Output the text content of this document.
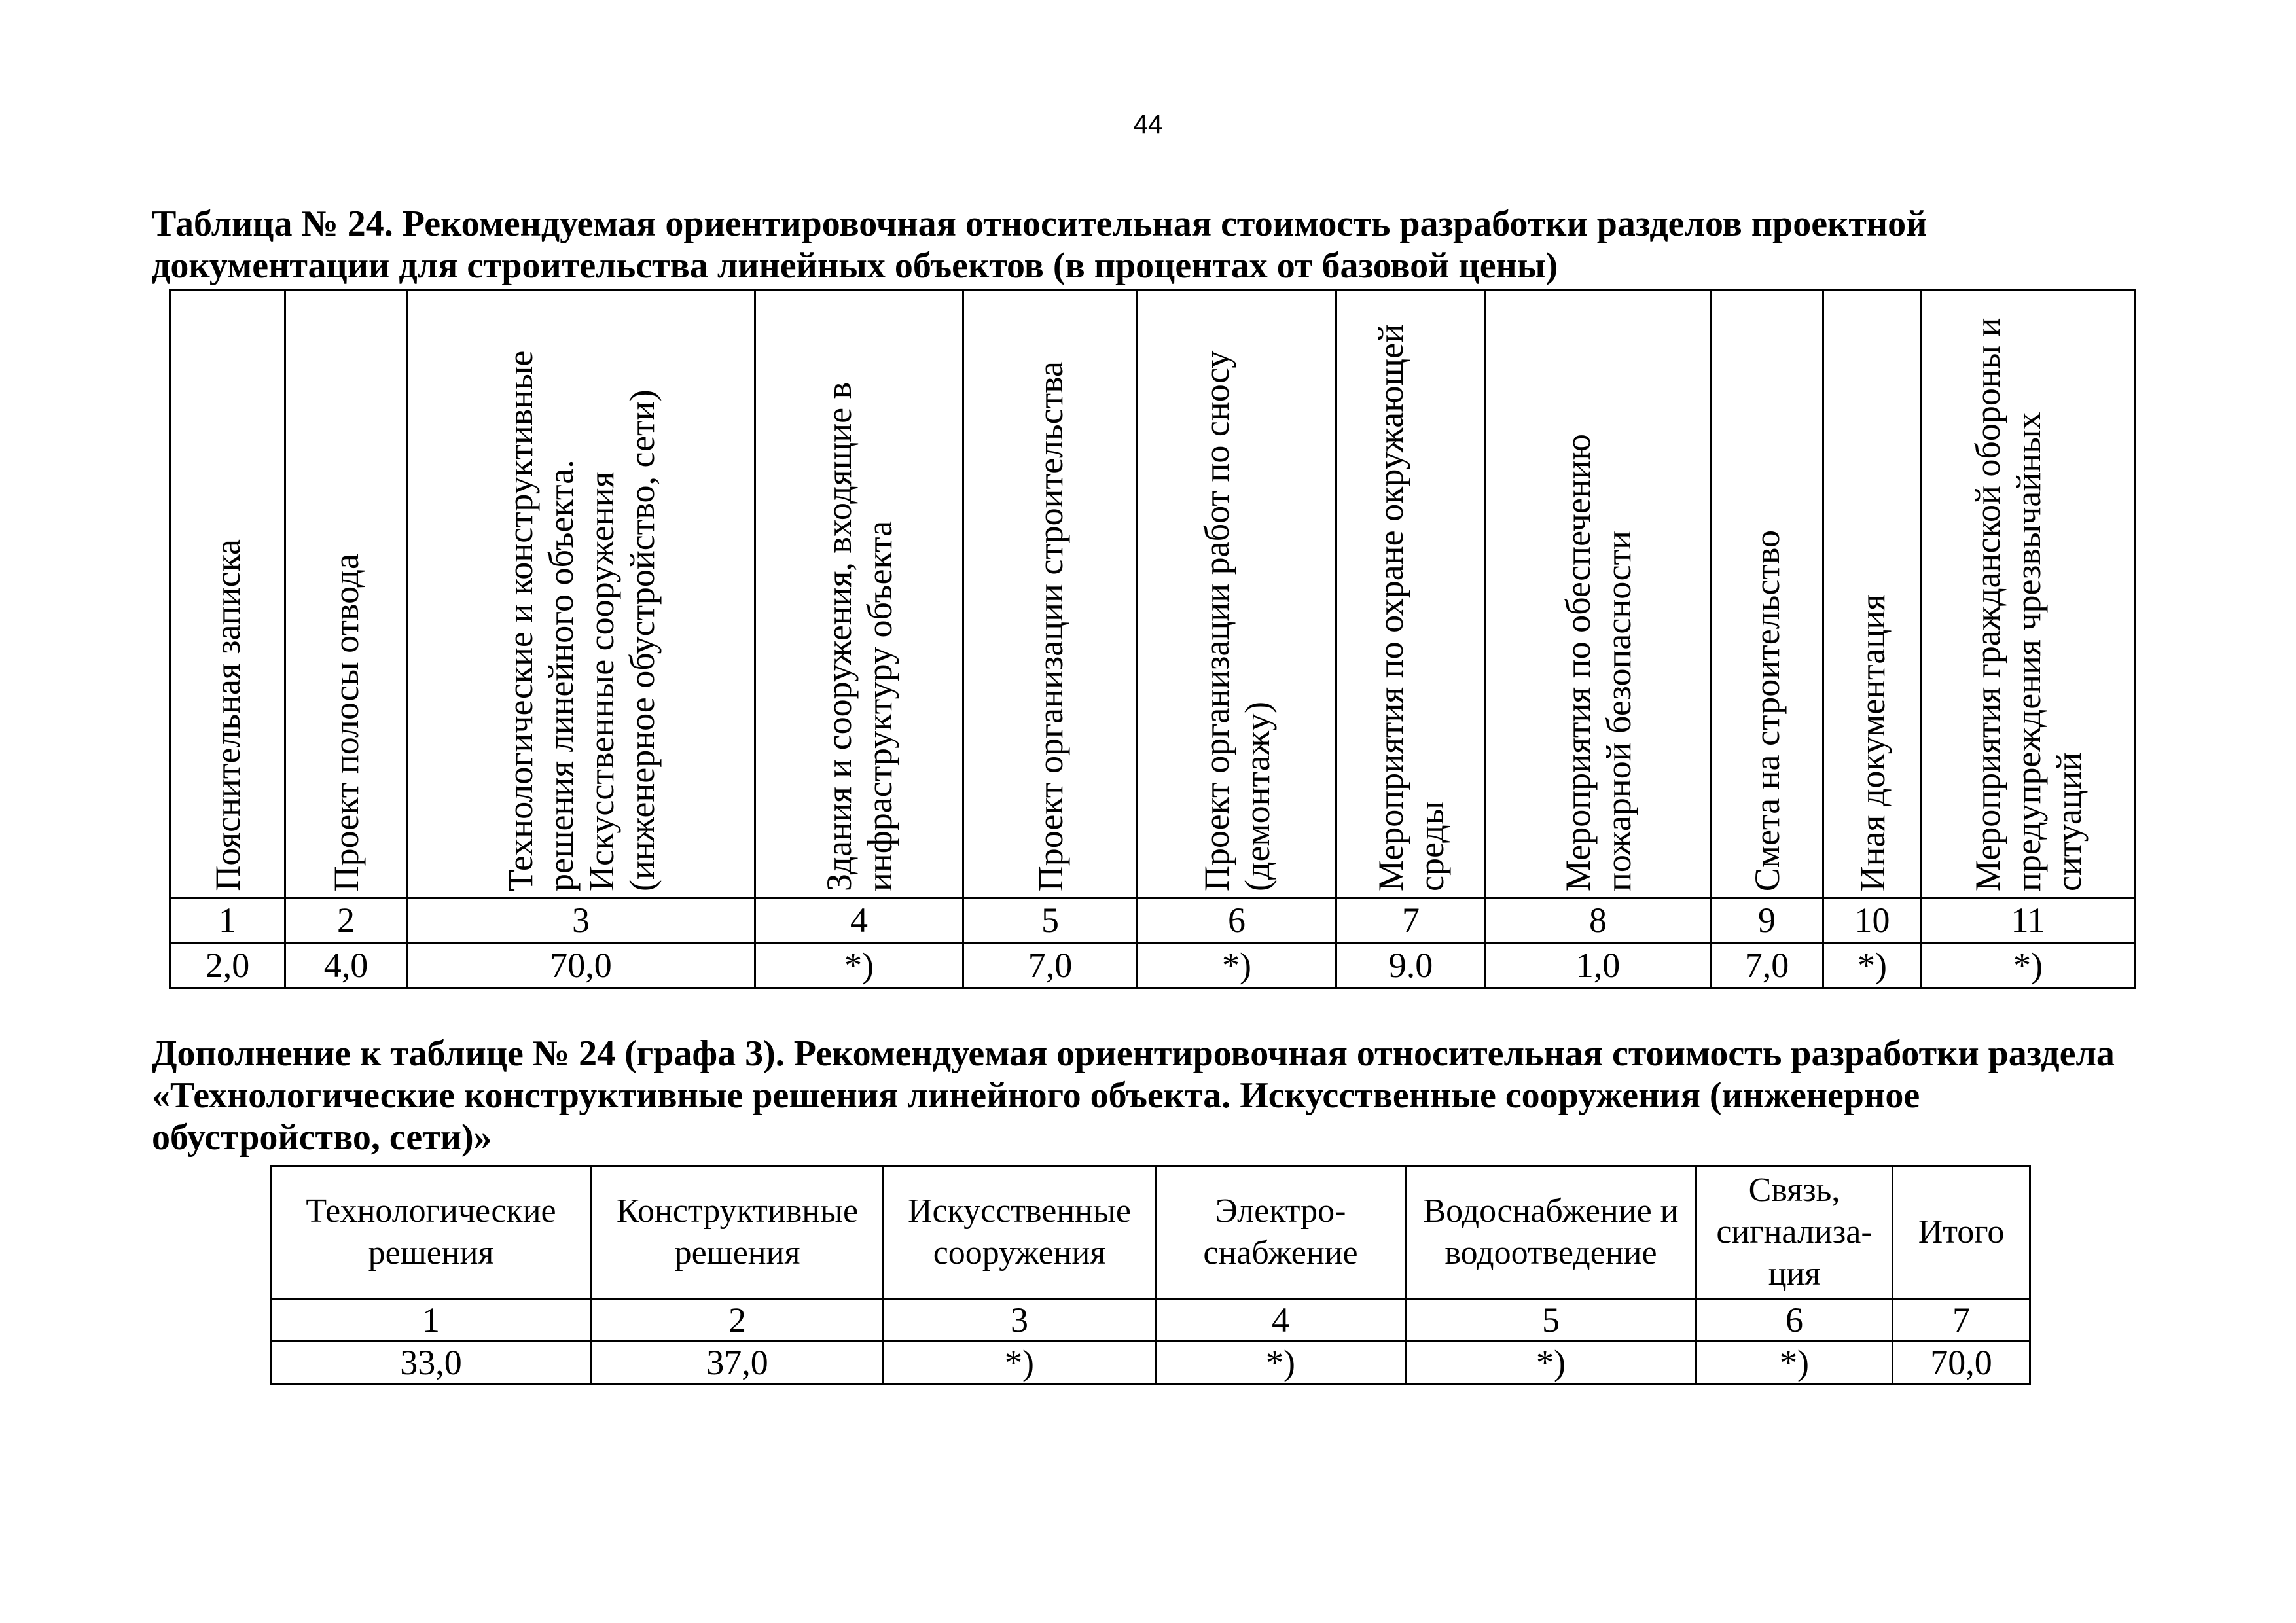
44

Таблица № 24. Рекомендуемая ориентировочная относительная стоимость разработки разделов проектной документации для строительства линейных объектов (в процентах от базовой цены)

Пояснительная записка	Проект полосы отвода	Технологические и конструктивные решения линейного объекта. Искусственные сооружения (инженерное обустройство, сети)	Здания и сооружения, входящие в инфраструктуру объекта	Проект организации строительства	Проект организации работ по сносу (демонтажу)	Мероприятия по охране окружающей среды	Мероприятия по обеспечению пожарной безопасности	Смета на строительство	Иная документация	Мероприятия гражданской обороны и предупреждения чрезвычайных ситуаций

1	2	3	4	5	6	7	8	9	10	11
2,0	4,0	70,0	*)	7,0	*)	9.0	1,0	7,0	*)	*)

Дополнение к таблице № 24 (графа 3). Рекомендуемая ориентировочная относительная стоимость разработки раздела «Технологические конструктивные решения линейного объекта. Искусственные сооружения (инженерное обустройство, сети)»

Технологические решения	Конструктивные решения	Искусственные сооружения	Электро-снабжение	Водоснабжение и водоотведение	Связь, сигнализа-ция	Итого
1	2	3	4	5	6	7
33,0	37,0	*)	*)	*)	*)	70,0
